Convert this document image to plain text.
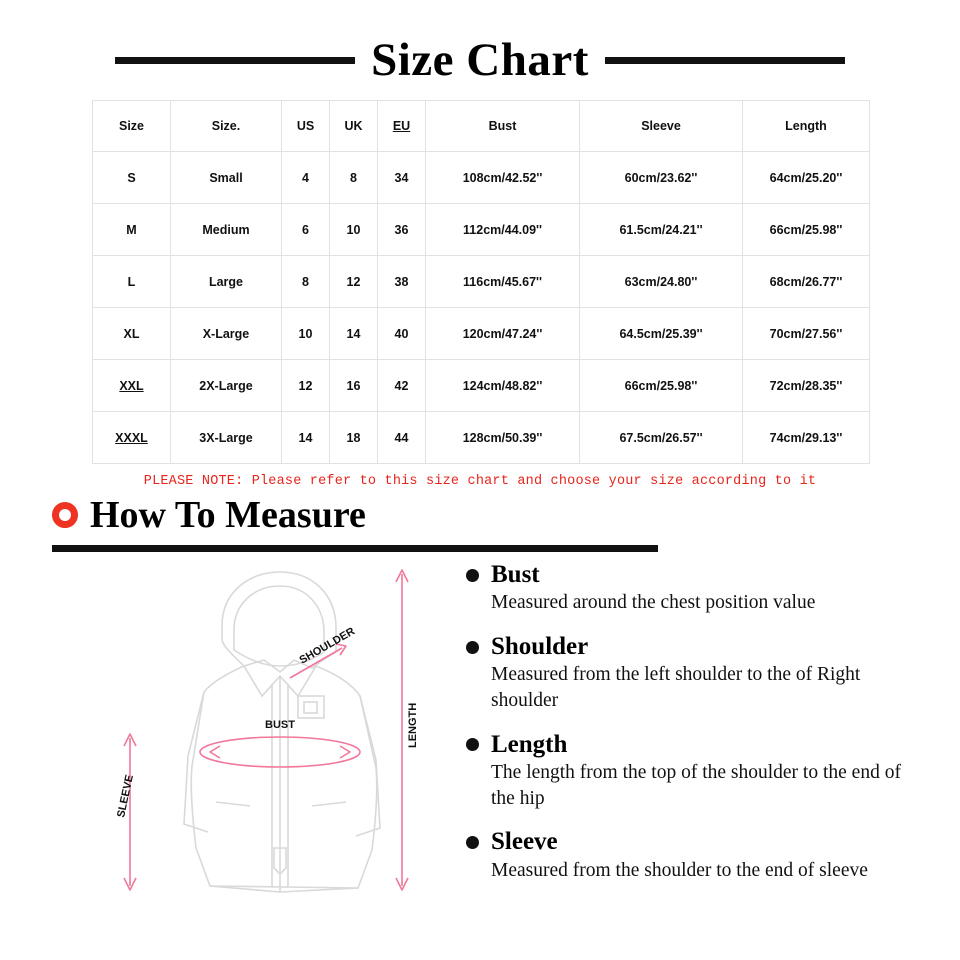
Size Chart
Size	Size.	US	UK	EU	Bust	Sleeve	Length
S	Small	4	8	34	108cm/42.52''	60cm/23.62''	64cm/25.20''
M	Medium	6	10	36	112cm/44.09''	61.5cm/24.21''	66cm/25.98''
L	Large	8	12	38	116cm/45.67''	63cm/24.80''	68cm/26.77''
XL	X-Large	10	14	40	120cm/47.24''	64.5cm/25.39''	70cm/27.56''
XXL	2X-Large	12	16	42	124cm/48.82''	66cm/25.98''	72cm/28.35''
XXXL	3X-Large	14	18	44	128cm/50.39''	67.5cm/26.57''	74cm/29.13''
PLEASE NOTE: Please refer to this size chart and choose your size according to it
How To Measure
BUST
SHOULDER
LENGTH
SLEEVE
Bust
Measured around the chest position value
Shoulder
Measured from the left shoulder to the of Right shoulder
Length
The length from the top of the shoulder to the end of the hip
Sleeve
Measured from the shoulder to the end of sleeve
